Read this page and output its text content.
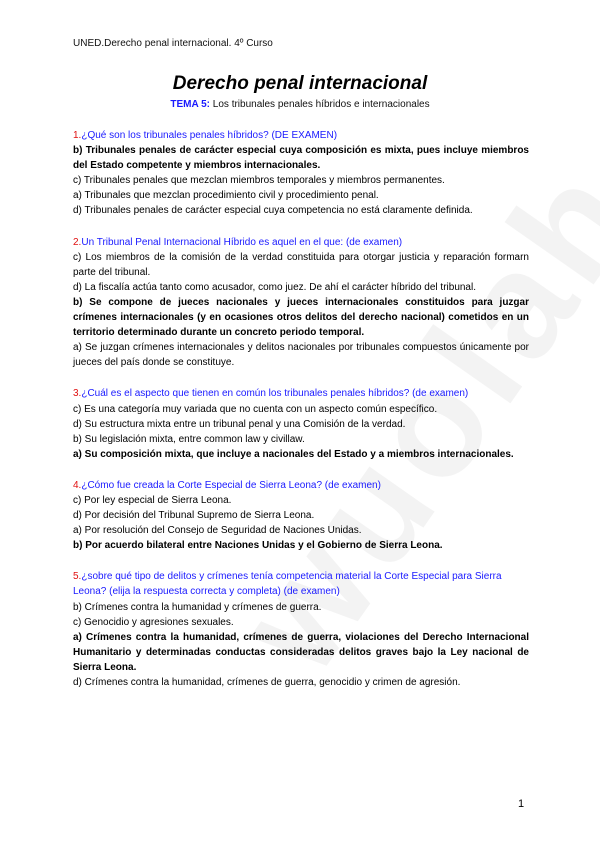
UNED.Derecho penal internacional. 4º Curso
Derecho penal internacional
TEMA 5: Los tribunales penales híbridos e internacionales

1.¿Qué son los tribunales penales híbridos? (DE EXAMEN)

b) Tribunales penales de carácter especial cuya composición es mixta, pues incluye miembros del Estado competente y miembros internacionales.

c) Tribunales penales que mezclan miembros temporales y miembros permanentes.

a) Tribunales que mezclan procedimiento civil y procedimiento penal.

d) Tribunales penales de carácter especial cuya competencia no está claramente definida.

2.Un Tribunal Penal Internacional Híbrido es aquel en el que: (de examen)

c) Los miembros de la comisión de la verdad constituida para otorgar justicia y reparación formarn parte del tribunal.

d) La fiscalía actúa tanto como acusador, como juez. De ahí el carácter híbrido del tribunal.

b) Se compone de jueces nacionales y jueces internacionales constituidos para juzgar crímenes internacionales (y en ocasiones otros delitos del derecho nacional) cometidos en un territorio determinado durante un concreto periodo temporal.

a) Se juzgan crímenes internacionales y delitos nacionales por tribunales compuestos únicamente por jueces del país donde se constituye.

3.¿Cuál es el aspecto que tienen en común los tribunales penales híbridos? (de examen)

c) Es una categoría muy variada que no cuenta con un aspecto común específico.

d) Su estructura mixta entre un tribunal penal y una Comisión de la verdad.

b) Su legislación mixta, entre common law y civillaw.

a) Su composición mixta, que incluye a nacionales del Estado y a miembros internacionales.

4.¿Cómo fue creada la Corte Especial de Sierra Leona? (de examen)

c) Por ley especial de Sierra Leona.

d) Por decisión del Tribunal Supremo de Sierra Leona.

a) Por resolución del Consejo de Seguridad de Naciones Unidas.

b) Por acuerdo bilateral entre Naciones Unidas y el Gobierno de Sierra Leona.

5.¿sobre qué tipo de delitos y crímenes tenía competencia material la Corte Especial para Sierra Leona? (elija la respuesta correcta y completa) (de examen)

b) Crímenes contra la humanidad y crímenes de guerra.

c) Genocidio y agresiones sexuales.

a) Crímenes contra la humanidad, crímenes de guerra, violaciones del Derecho Internacional Humanitario y determinadas conductas consideradas delitos graves bajo la Ley nacional de Sierra Leona.

d) Crímenes contra la humanidad, crímenes de guerra, genocidio y crimen de agresión.

1
